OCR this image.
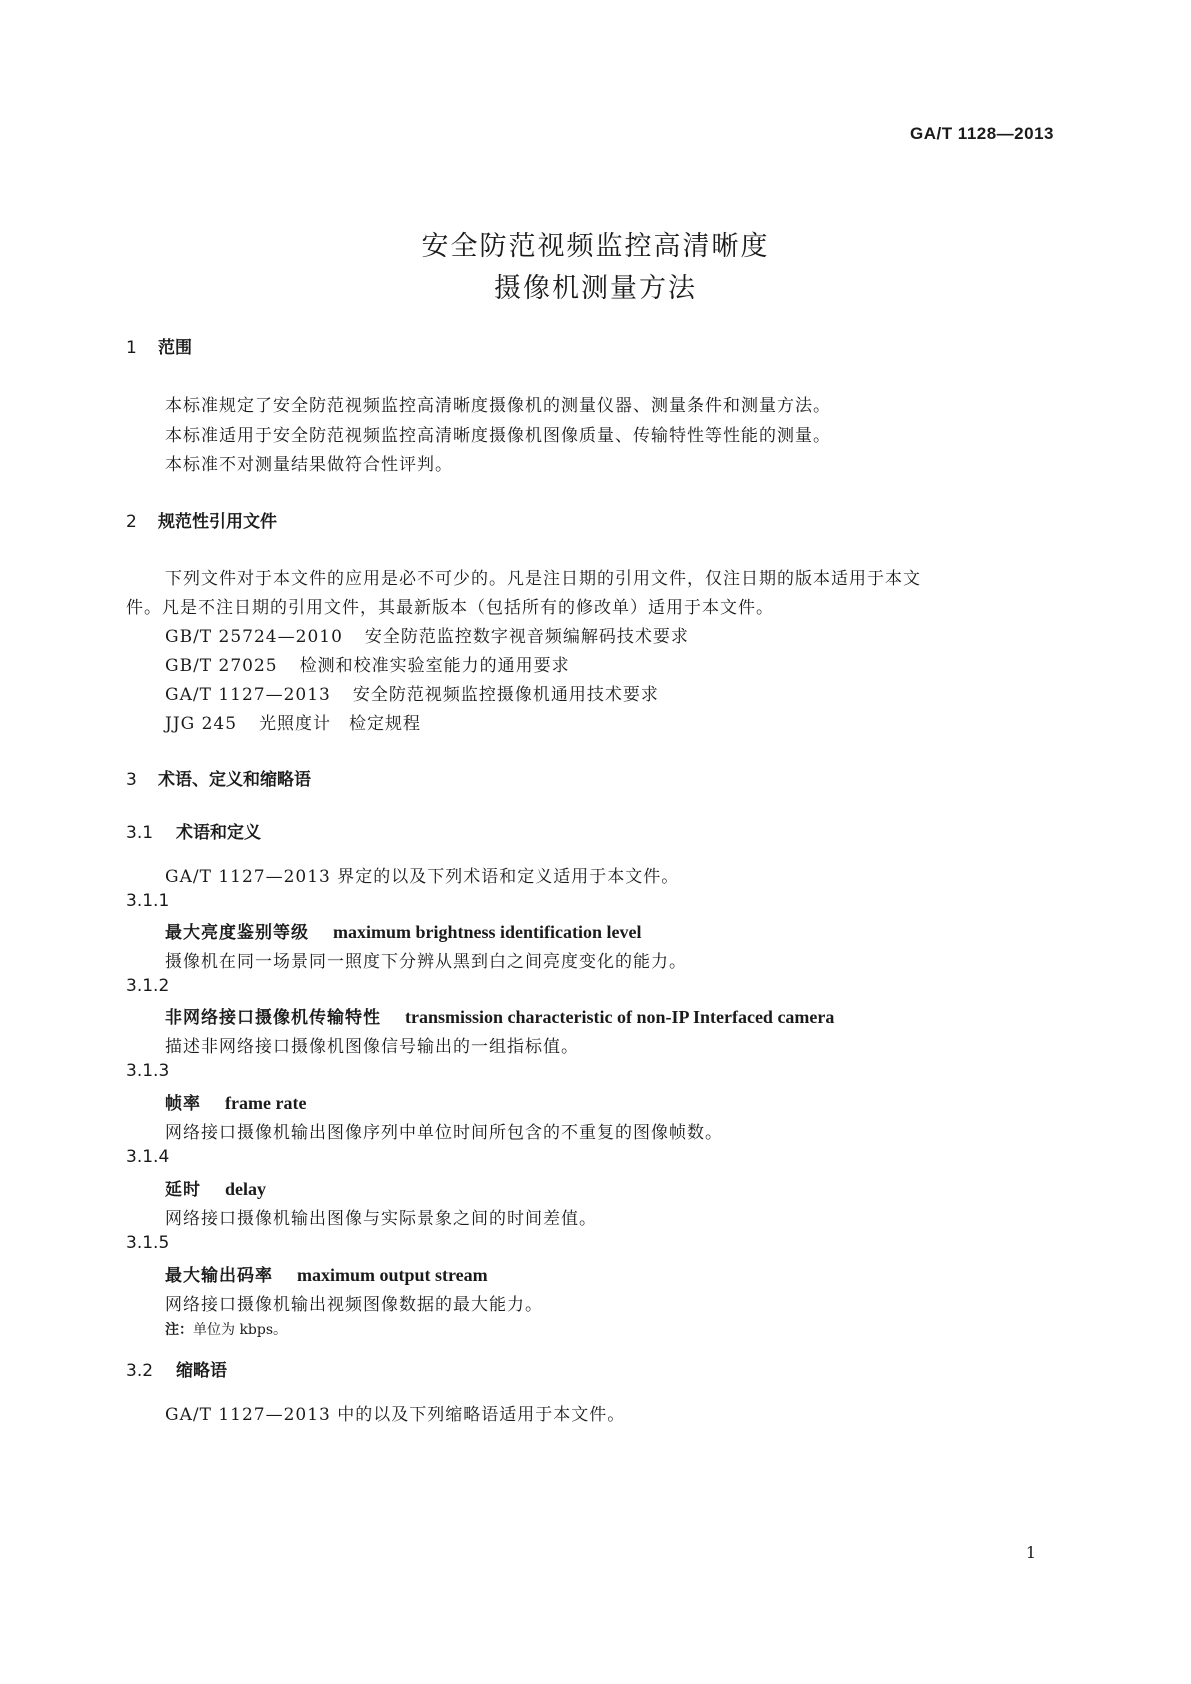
GA/T 1128—2013
安全防范视频监控高清晰度
摄像机测量方法
1 范围
本标准规定了安全防范视频监控高清晰度摄像机的测量仪器、测量条件和测量方法。
本标准适用于安全防范视频监控高清晰度摄像机图像质量、传输特性等性能的测量。
本标准不对测量结果做符合性评判。
2 规范性引用文件
下列文件对于本文件的应用是必不可少的。凡是注日期的引用文件，仅注日期的版本适用于本文
件。凡是不注日期的引用文件，其最新版本（包括所有的修改单）适用于本文件。
GB/T 25724—2010 安全防范监控数字视音频编解码技术要求
GB/T 27025 检测和校准实验室能力的通用要求
GA/T 1127—2013 安全防范视频监控摄像机通用技术要求
JJG 245 光照度计　检定规程
3 术语、定义和缩略语
3.1 术语和定义
GA/T 1127—2013 界定的以及下列术语和定义适用于本文件。
3.1.1
最大亮度鉴别等级 maximum brightness identification level
摄像机在同一场景同一照度下分辨从黑到白之间亮度变化的能力。
3.1.2
非网络接口摄像机传输特性 transmission characteristic of non-IP Interfaced camera
描述非网络接口摄像机图像信号输出的一组指标值。
3.1.3
帧率 frame rate
网络接口摄像机输出图像序列中单位时间所包含的不重复的图像帧数。
3.1.4
延时 delay
网络接口摄像机输出图像与实际景象之间的时间差值。
3.1.5
最大输出码率 maximum output stream
网络接口摄像机输出视频图像数据的最大能力。
注：单位为 kbps。
3.2 缩略语
GA/T 1127—2013 中的以及下列缩略语适用于本文件。
1
